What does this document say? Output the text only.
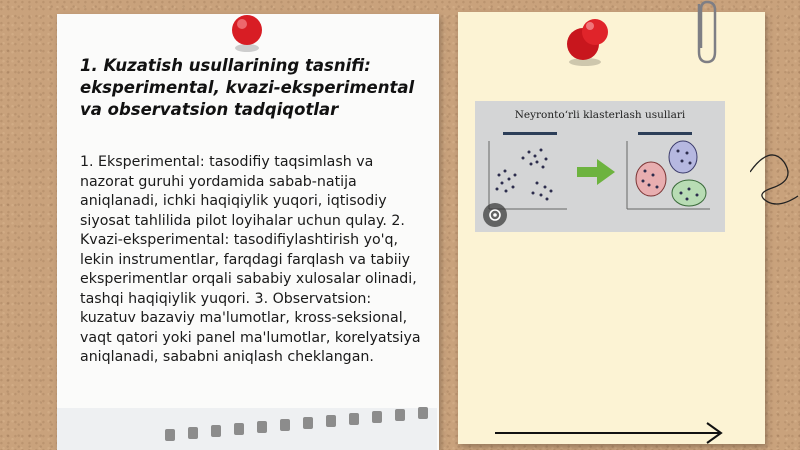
1. Kuzatish usullarining tasnifi: eksperimental, kvazi-eksperimental va observatsion tadqiqotlar

1. Eksperimental: tasodifiy taqsimlash va nazorat guruhi yordamida sabab-natija aniqlanadi, ichki haqiqiylik yuqori, iqtisodiy siyosat tahlilida pilot loyihalar uchun qulay. 2. Kvazi-eksperimental: tasodifiylashtirish yo'q, lekin instrumentlar, farqdagi farqlash va tabiiy eksperimentlar orqali sababiy xulosalar olinadi, tashqi haqiqiylik yuqori. 3. Observatsion: kuzatuv bazaviy ma'lumotlar, kross-seksional, vaqt qatori yoki panel ma'lumotlar, korelyatsiya aniqlanadi, sababni aniqlash cheklangan.

Neyronto‘rli klasterlash usullari
